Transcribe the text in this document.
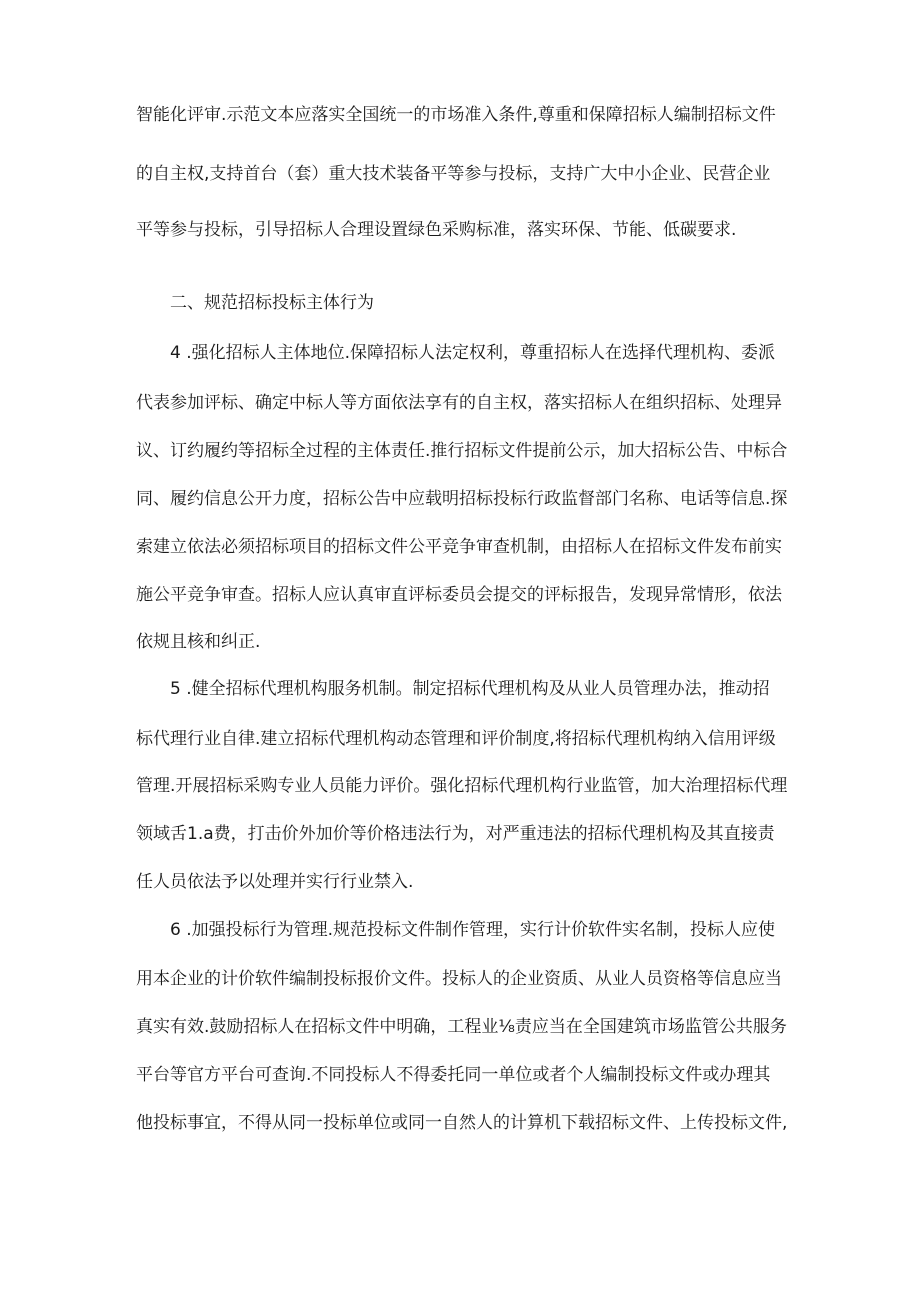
智能化评审.示范文本应落实全国统一的市场准入条件,尊重和保障招标人编制招标文件
的自主权,支持首台（套）重大技术装备平等参与投标，支持广大中小企业、民营企业
平等参与投标，引导招标人合理设置绿色采购标准，落实环保、节能、低碳要求.
二、规范招标投标主体行为
4 .强化招标人主体地位.保障招标人法定权利，尊重招标人在选择代理机构、委派
代表参加评标、确定中标人等方面依法享有的自主权，落实招标人在组织招标、处理异
议、订约履约等招标全过程的主体责任.推行招标文件提前公示，加大招标公告、中标合
同、履约信息公开力度，招标公告中应载明招标投标行政监督部门名称、电话等信息.探
索建立依法必须招标项目的招标文件公平竞争审查机制，由招标人在招标文件发布前实
施公平竞争审查。招标人应认真审直评标委员会提交的评标报告，发现异常情形，依法
依规且核和纠正.
5 .健全招标代理机构服务机制。制定招标代理机构及从业人员管理办法，推动招
标代理行业自律.建立招标代理机构动态管理和评价制度,将招标代理机构纳入信用评级
管理.开展招标采购专业人员能力评价。强化招标代理机构行业监管，加大治理招标代理
领域舌1.a费，打击价外加价等价格违法行为，对严重违法的招标代理机构及其直接责
任人员依法予以处理并实行行业禁入.
6 .加强投标行为管理.规范投标文件制作管理，实行计价软件实名制，投标人应使
用本企业的计价软件编制投标报价文件。投标人的企业资质、从业人员资格等信息应当
真实有效.鼓励招标人在招标文件中明确，工程业⅛责应当在全国建筑市场监管公共服务
平台等官方平台可查询.不同投标人不得委托同一单位或者个人编制投标文件或办理其
他投标事宜，不得从同一投标单位或同一自然人的计算机下载招标文件、上传投标文件,
